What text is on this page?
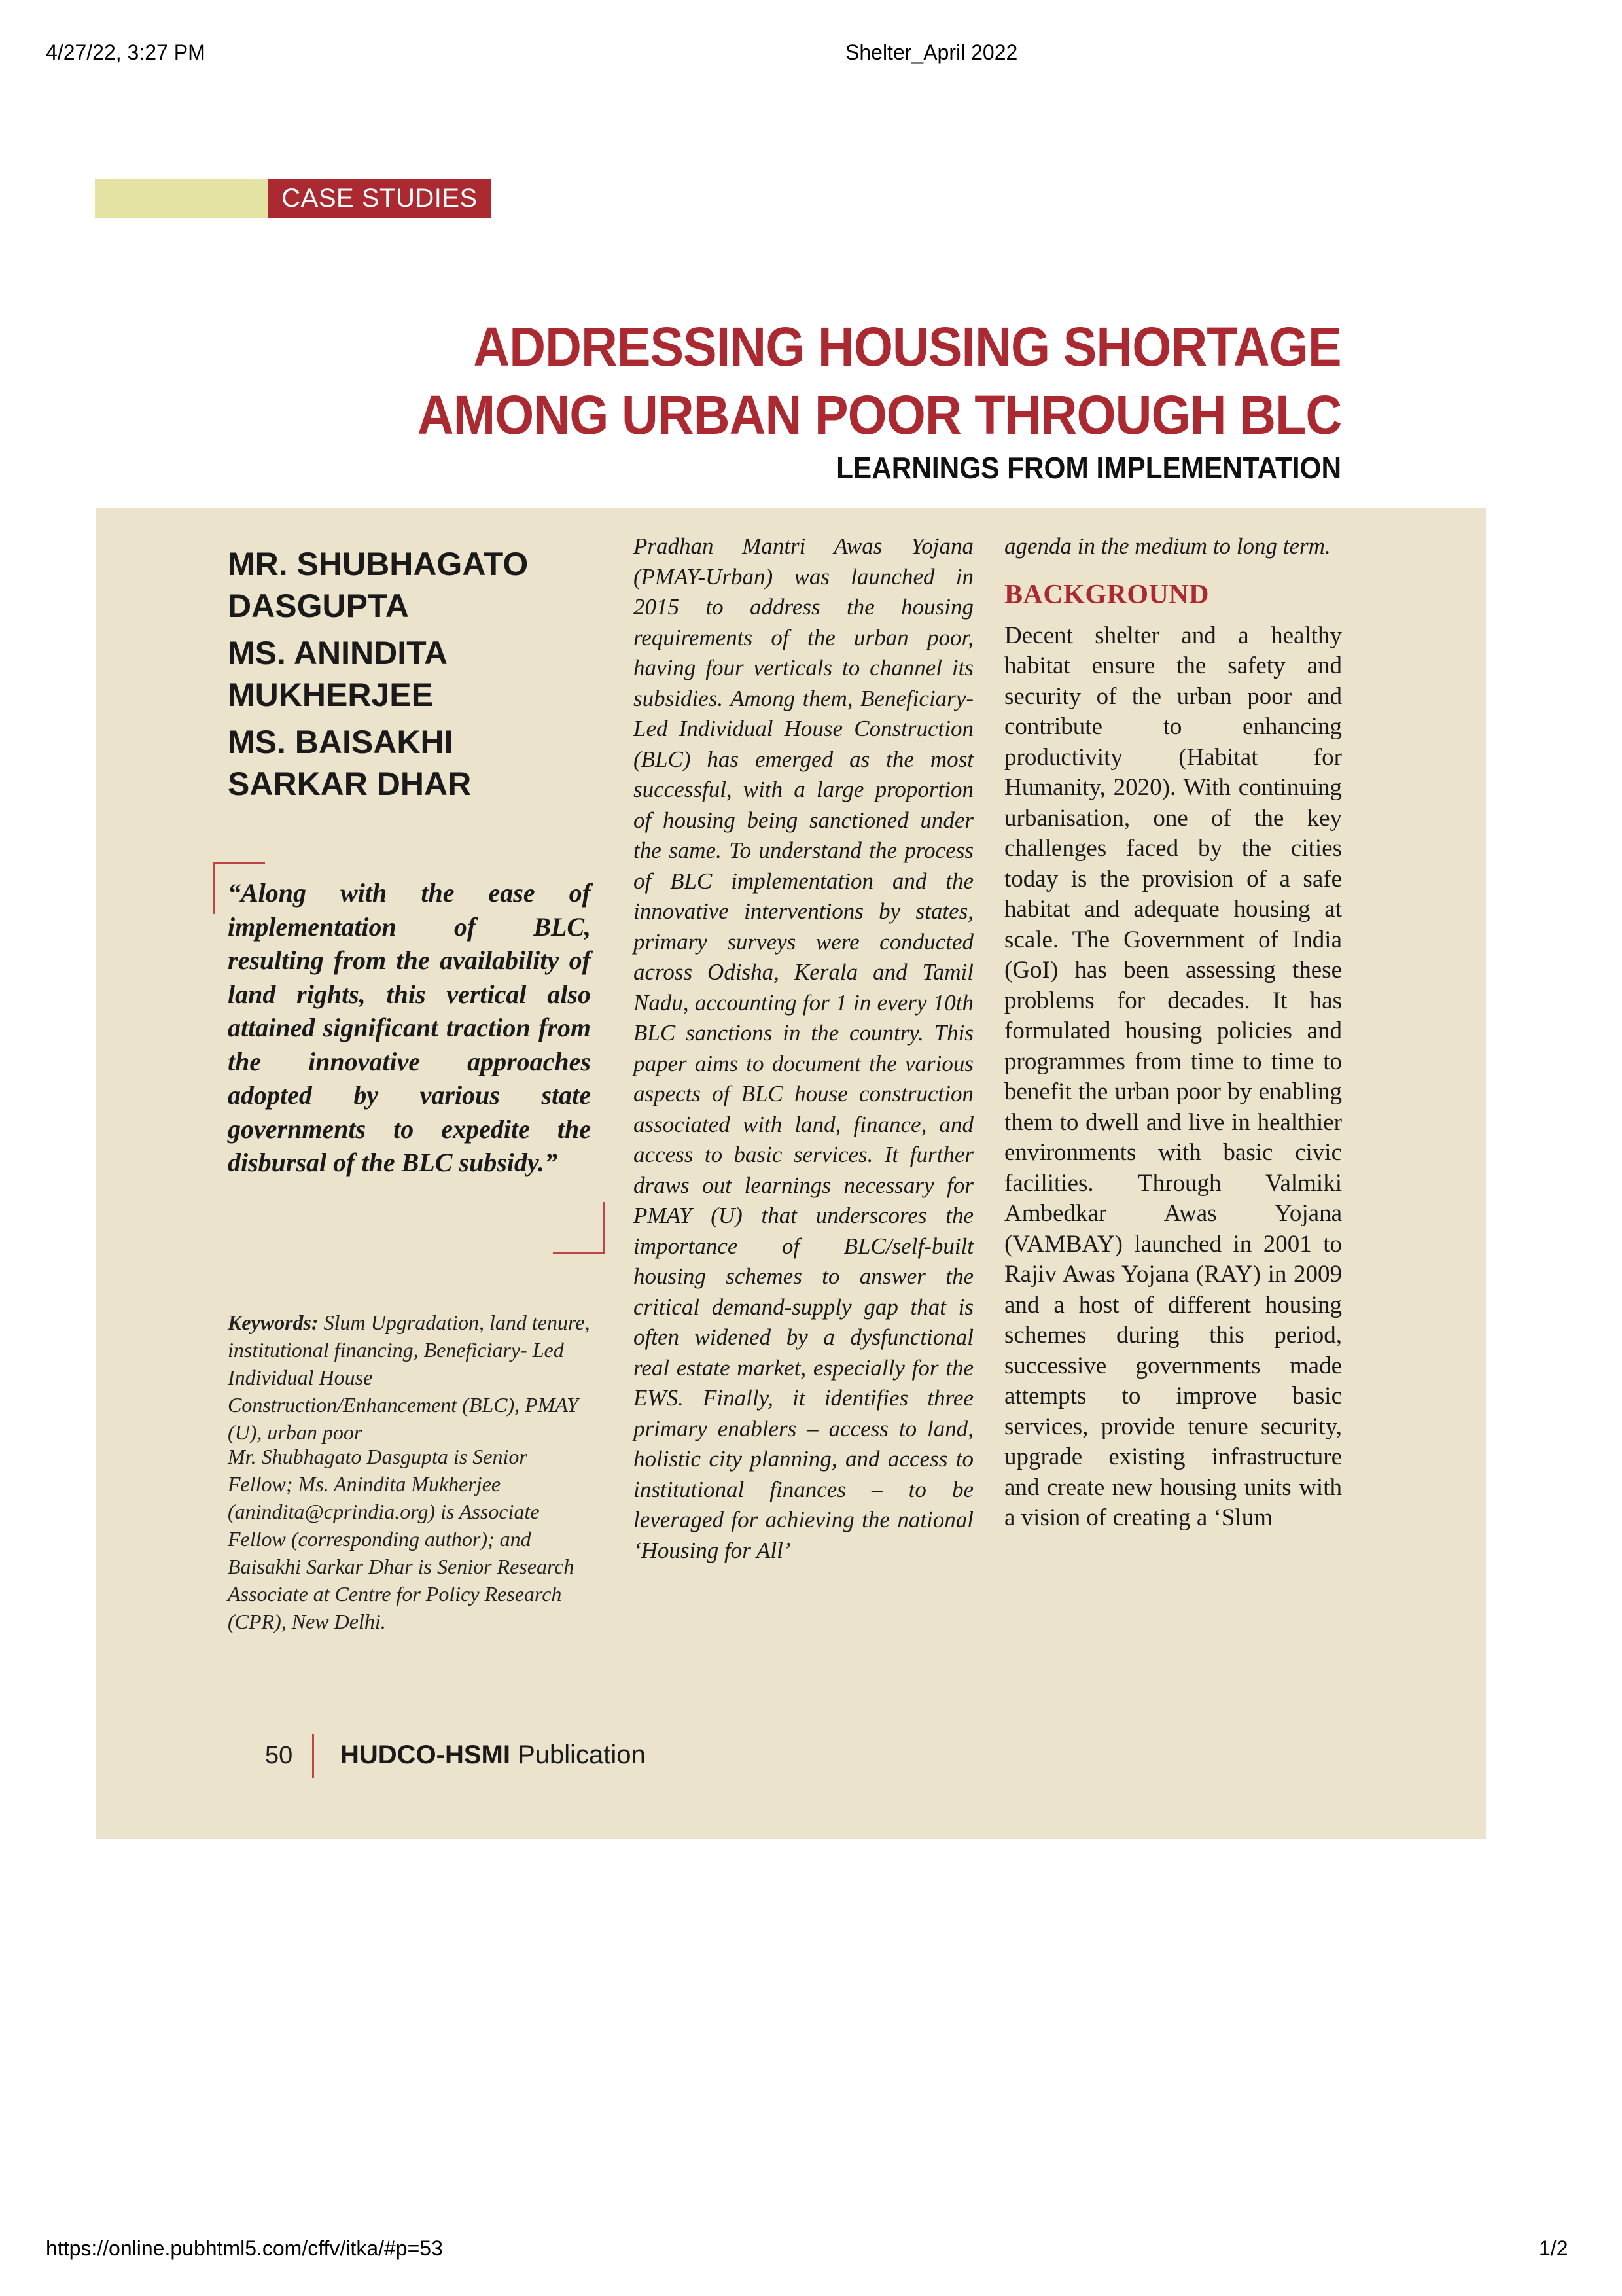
4/27/22, 3:27 PM	Shelter_April 2022
CASE STUDIES
ADDRESSING HOUSING SHORTAGE
AMONG URBAN POOR THROUGH BLC
LEARNINGS FROM IMPLEMENTATION
MR. SHUBHAGATO DASGUPTA
MS. ANINDITA MUKHERJEE
MS. BAISAKHI SARKAR DHAR
“Along with the ease of implementation of BLC, resulting from the availability of land rights, this vertical also attained significant traction from the innovative approaches adopted by various state governments to expedite the disbursal of the BLC subsidy.”
Keywords: Slum Upgradation, land tenure, institutional financing, Beneficiary- Led Individual House Construction/Enhancement (BLC), PMAY (U), urban poor
Mr. Shubhagato Dasgupta is Senior Fellow; Ms. Anindita Mukherjee (anindita@cprindia.org) is Associate Fellow (corresponding author); and Baisakhi Sarkar Dhar is Senior Research Associate at Centre for Policy Research (CPR), New Delhi.
Pradhan Mantri Awas Yojana (PMAY-Urban) was launched in 2015 to address the housing requirements of the urban poor, having four verticals to channel its subsidies. Among them, Beneficiary- Led Individual House Construction (BLC) has emerged as the most successful, with a large proportion of housing being sanctioned under the same. To understand the process of BLC implementation and the innovative interventions by states, primary surveys were conducted across Odisha, Kerala and Tamil Nadu, accounting for 1 in every 10th BLC sanctions in the country. This paper aims to document the various aspects of BLC house construction associated with land, finance, and access to basic services. It further draws out learnings necessary for PMAY (U) that underscores the importance of BLC/self-built housing schemes to answer the critical demand-supply gap that is often widened by a dysfunctional real estate market, especially for the EWS. Finally, it identifies three primary enablers – access to land, holistic city planning, and access to institutional finances – to be leveraged for achieving the national ‘Housing for All’
agenda in the medium to long term.
BACKGROUND
Decent shelter and a healthy habitat ensure the safety and security of the urban poor and contribute to enhancing productivity (Habitat for Humanity, 2020). With continuing urbanisation, one of the key challenges faced by the cities today is the provision of a safe habitat and adequate housing at scale. The Government of India (GoI) has been assessing these problems for decades. It has formulated housing policies and programmes from time to time to benefit the urban poor by enabling them to dwell and live in healthier environments with basic civic facilities. Through Valmiki Ambedkar Awas Yojana (VAMBAY) launched in 2001 to Rajiv Awas Yojana (RAY) in 2009 and a host of different housing schemes during this period, successive governments made attempts to improve basic services, provide tenure security, upgrade existing infrastructure and create new housing units with a vision of creating a ‘Slum
50 HUDCO-HSMI Publication
https://online.pubhtml5.com/cffv/itka/#p=53	1/2
